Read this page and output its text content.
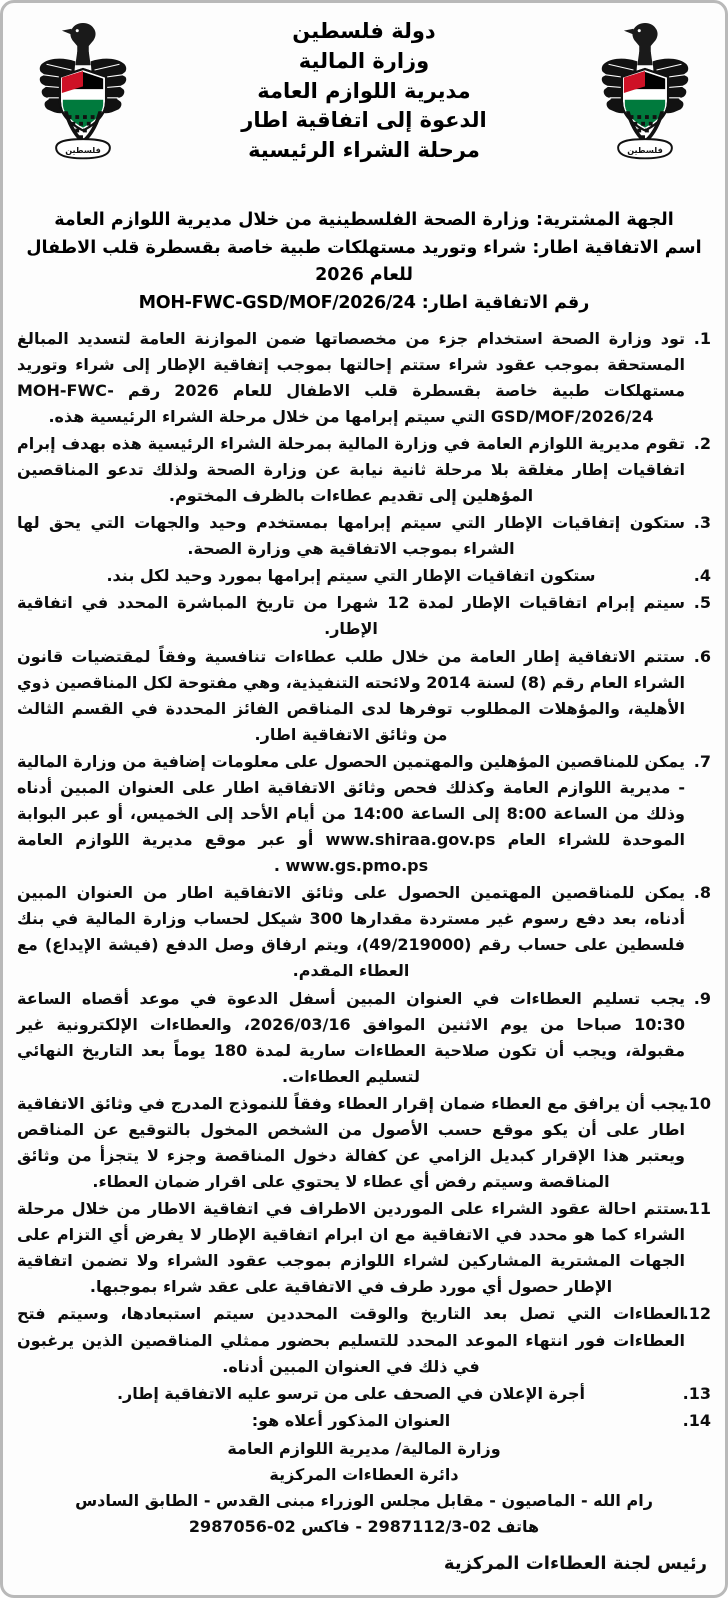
فلسطين
فلسطين
دولة فلسطين
وزارة المالية
مديرية اللوازم العامة
الدعوة إلى اتفاقية اطار
مرحلة الشراء الرئيسية
الجهة المشترية: وزارة الصحة الفلسطينية من خلال مديرية اللوازم العامة
اسم الاتفاقية اطار: شراء وتوريد مستهلكات طبية خاصة بقسطرة قلب الاطفال للعام 2026
رقم الاتفاقية اطار: MOH-FWC-GSD/MOF/2026/24
تود وزارة الصحة استخدام جزء من مخصصاتها ضمن الموازنة العامة لتسديد المبالغ المستحقة بموجب عقود شراء ستتم إحالتها بموجب إتفاقية الإطار إلى شراء وتوريد مستهلكات طبية خاصة بقسطرة قلب الاطفال للعام 2026 رقم MOH-FWC-GSD/MOF/2026/24 التي سيتم إبرامها من خلال مرحلة الشراء الرئيسية هذه.
تقوم مديرية اللوازم العامة في وزارة المالية بمرحلة الشراء الرئيسية هذه بهدف إبرام اتفاقيات إطار مغلقة بلا مرحلة ثانية نيابة عن وزارة الصحة ولذلك تدعو المناقصين المؤهلين إلى تقديم عطاءات بالظرف المختوم.
ستكون إتفاقيات الإطار التي سيتم إبرامها بمستخدم وحيد والجهات التي يحق لها الشراء بموجب الاتفاقية هي وزارة الصحة.
ستكون اتفاقيات الإطار التي سيتم إبرامها بمورد وحيد لكل بند.
سيتم إبرام اتفاقيات الإطار لمدة 12 شهرا من تاريخ المباشرة المحدد في اتفاقية الإطار.
ستتم الاتفاقية إطار العامة من خلال طلب عطاءات تنافسية وفقاً لمقتضيات قانون الشراء العام رقم (8) لسنة 2014 ولائحته التنفيذية، وهي مفتوحة لكل المناقصين ذوي الأهلية، والمؤهلات المطلوب توفرها لدى المناقص الفائز المحددة في القسم الثالث من وثائق الاتفاقية اطار.
يمكن للمناقصين المؤهلين والمهتمين الحصول على معلومات إضافية من وزارة المالية - مديرية اللوازم العامة وكذلك فحص وثائق الاتفاقية اطار على العنوان المبين أدناه وذلك من الساعة 8:00 إلى الساعة 14:00 من أيام الأحد إلى الخميس، أو عبر البوابة الموحدة للشراء العام www.shiraa.gov.ps أو عبر موقع مديرية اللوازم العامة www.gs.pmo.ps .
يمكن للمناقصين المهتمين الحصول على وثائق الاتفاقية اطار من العنوان المبين أدناه، بعد دفع رسوم غير مستردة مقدارها 300 شيكل لحساب وزارة المالية في بنك فلسطين على حساب رقم (49/219000)، ويتم ارفاق وصل الدفع (فيشة الإيداع) مع العطاء المقدم.
يجب تسليم العطاءات في العنوان المبين أسفل الدعوة في موعد أقصاه الساعة 10:30 صباحا من يوم الاثنين الموافق 2026/03/16، والعطاءات الإلكترونية غير مقبولة، ويجب أن تكون صلاحية العطاءات سارية لمدة 180 يوماً بعد التاريخ النهائي لتسليم العطاءات.
يجب أن يرافق مع العطاء ضمان إقرار العطاء وفقاً للنموذج المدرج في وثائق الاتفاقية اطار على أن يكو موقع حسب الأصول من الشخص المخول بالتوقيع عن المناقص ويعتبر هذا الإقرار كبديل الزامي عن كفالة دخول المناقصة وجزء لا يتجزأ من وثائق المناقصة وسيتم رفض أي عطاء لا يحتوي على اقرار ضمان العطاء.
ستتم احالة عقود الشراء على الموردين الاطراف في اتفاقية الاطار من خلال مرحلة الشراء كما هو محدد في الاتفاقية مع ان ابرام اتفاقية الإطار لا يفرض أي التزام على الجهات المشترية المشاركين لشراء اللوازم بموجب عقود الشراء ولا تضمن اتفاقية الإطار حصول أي مورد طرف في الاتفاقية على عقد شراء بموجبها.
العطاءات التي تصل بعد التاريخ والوقت المحددين سيتم استبعادها، وسيتم فتح العطاءات فور انتهاء الموعد المحدد للتسليم بحضور ممثلي المناقصين الذين يرغبون في ذلك في العنوان المبين أدناه.
أجرة الإعلان في الصحف على من ترسو عليه الاتفاقية إطار.
العنوان المذكور أعلاه هو:
وزارة المالية/ مديرية اللوازم العامة
دائرة العطاءات المركزية
رام الله - الماصيون - مقابل مجلس الوزراء مبنى القدس - الطابق السادس
هاتف 02-2987112/3 - فاكس 02-2987056
رئيس لجنة العطاءات المركزية
